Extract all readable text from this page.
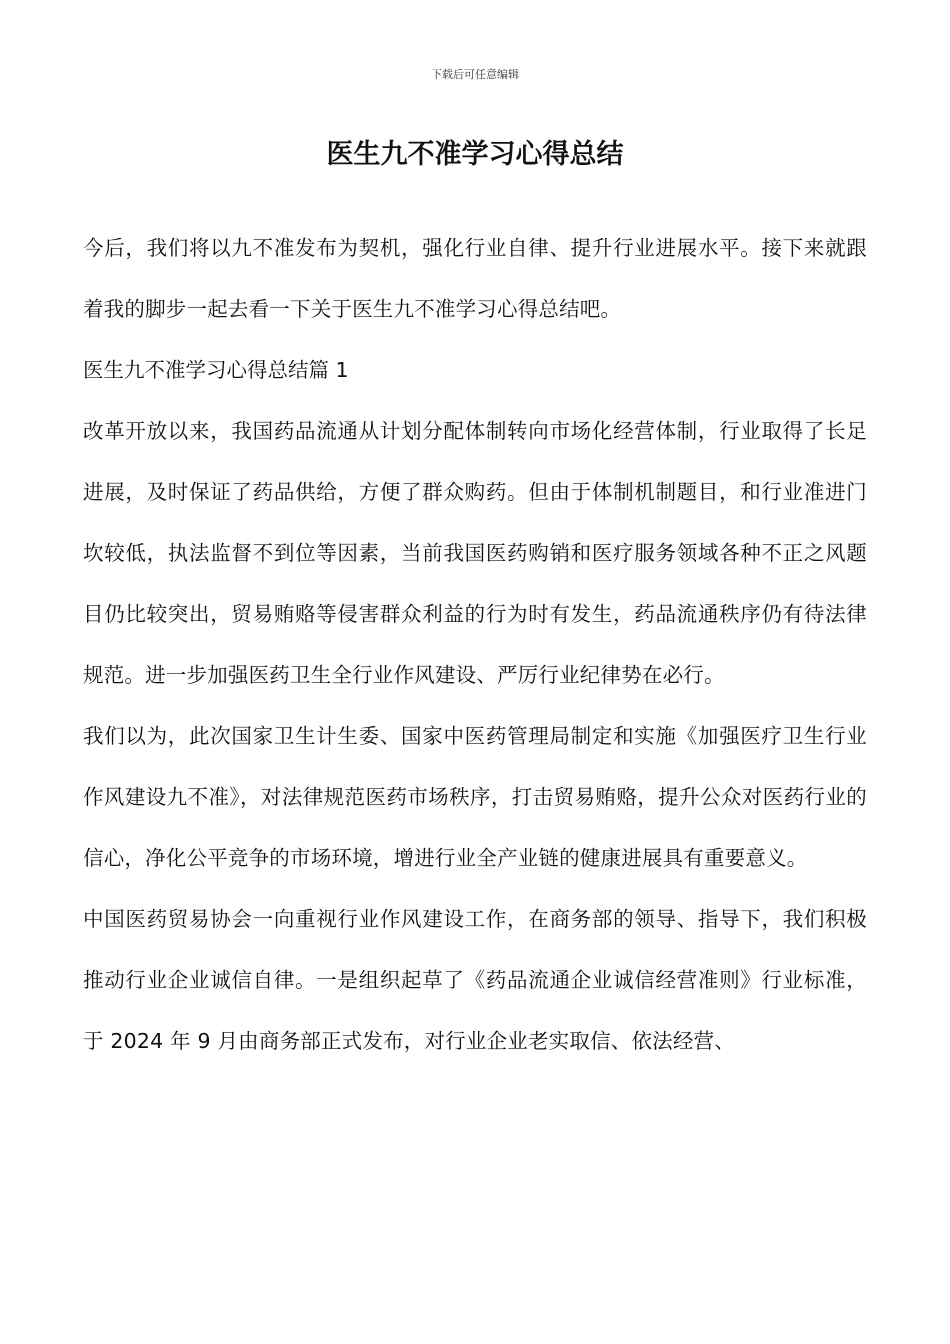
下载后可任意编辑
医生九不准学习心得总结

今后，我们将以九不准发布为契机，强化行业自律、提升行业进展水平。接下来就跟着我的脚步一起去看一下关于医生九不准学习心得总结吧。

医生九不准学习心得总结篇 1

改革开放以来，我国药品流通从计划分配体制转向市场化经营体制，行业取得了长足进展，及时保证了药品供给，方便了群众购药。但由于体制机制题目，和行业准进门坎较低，执法监督不到位等因素，当前我国医药购销和医疗服务领域各种不正之风题目仍比较突出，贸易贿赂等侵害群众利益的行为时有发生，药品流通秩序仍有待法律规范。进一步加强医药卫生全行业作风建设、严厉行业纪律势在必行。

我们以为，此次国家卫生计生委、国家中医药管理局制定和实施《加强医疗卫生行业作风建设九不准》，对法律规范医药市场秩序，打击贸易贿赂，提升公众对医药行业的信心，净化公平竞争的市场环境，增进行业全产业链的健康进展具有重要意义。

中国医药贸易协会一向重视行业作风建设工作，在商务部的领导、指导下，我们积极推动行业企业诚信自律。一是组织起草了《药品流通企业诚信经营准则》行业标准，于 2024 年 9 月由商务部正式发布，对行业企业老实取信、依法经营、
